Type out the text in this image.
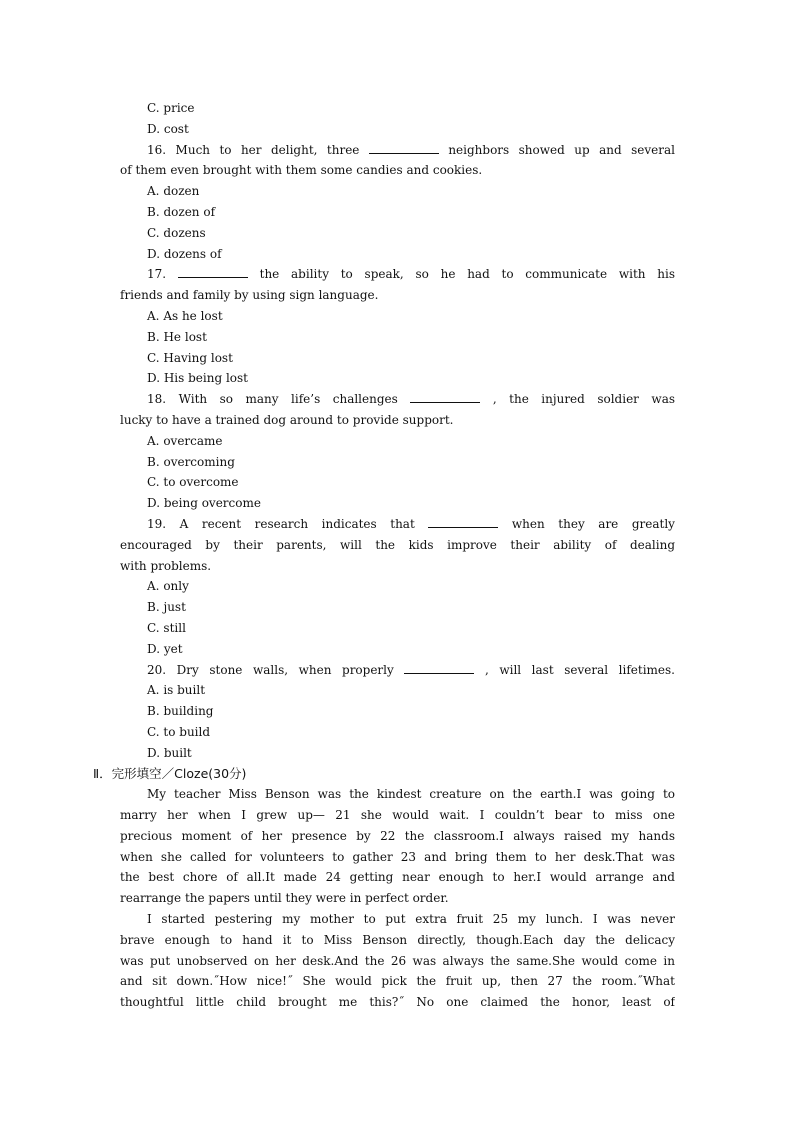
C. price
D. cost
16. Much to her delight, three	neighbors showed up and several
of them even brought with them some candies and cookies.
A. dozen
B. dozen of
C. dozens
D. dozens of
17.	the ability to speak, so he had to communicate with his
friends and family by using sign language.
A. As he lost
B. He lost
C. Having lost
D. His being lost
18. With so many life’s challenges	, the injured soldier was
lucky to have a trained dog around to provide support.
A. overcame
B. overcoming
C. to overcome
D. being overcome
19. A recent research indicates that	when they are greatly
encouraged by their parents, will the kids improve their ability of dealing
with problems.
A. only
B. just
C. still
D. yet
20. Dry stone walls, when properly	, will last several lifetimes.
A. is built
B. building
C. to build
D. built
Ⅱ．完形填空／Cloze(30分)
My teacher Miss Benson was the kindest creature on the earth.I was going to
marry her when I grew up— 21 she would wait. I couldn’t bear to miss one
precious moment of her presence by 22 the classroom.I always raised my hands
when she called for volunteers to gather 23 and bring them to her desk.That was
the best chore of all.It made 24 getting near enough to her.I would arrange and
rearrange the papers until they were in perfect order.
I started pestering my mother to put extra fruit 25 my lunch. I was never
brave enough to hand it to Miss Benson directly, though.Each day the delicacy
was put unobserved on her desk.And the 26 was always the same.She would come in
and sit down.˝How nice!˝ She would pick the fruit up, then 27 the room.˝What
thoughtful little child brought me this?˝ No one claimed the honor, least of
